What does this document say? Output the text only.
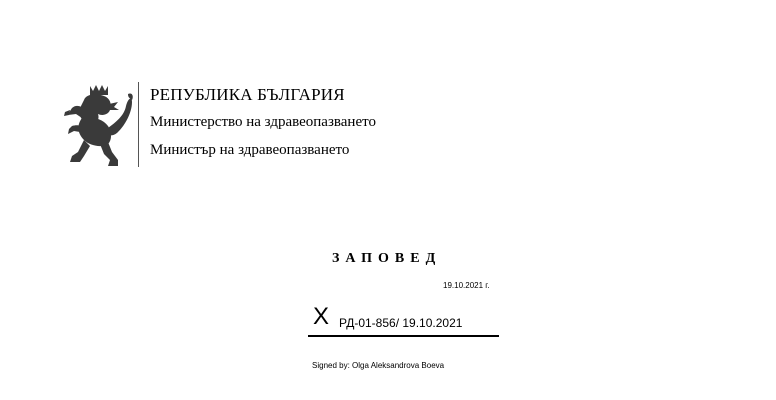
РЕПУБЛИКА БЪЛГАРИЯ
Министерство на здравеопазването
Министър на здравеопазването
ЗАПОВЕД
19.10.2021 г.
X РД-01-856/ 19.10.2021
Signed by: Olga Aleksandrova Boeva
